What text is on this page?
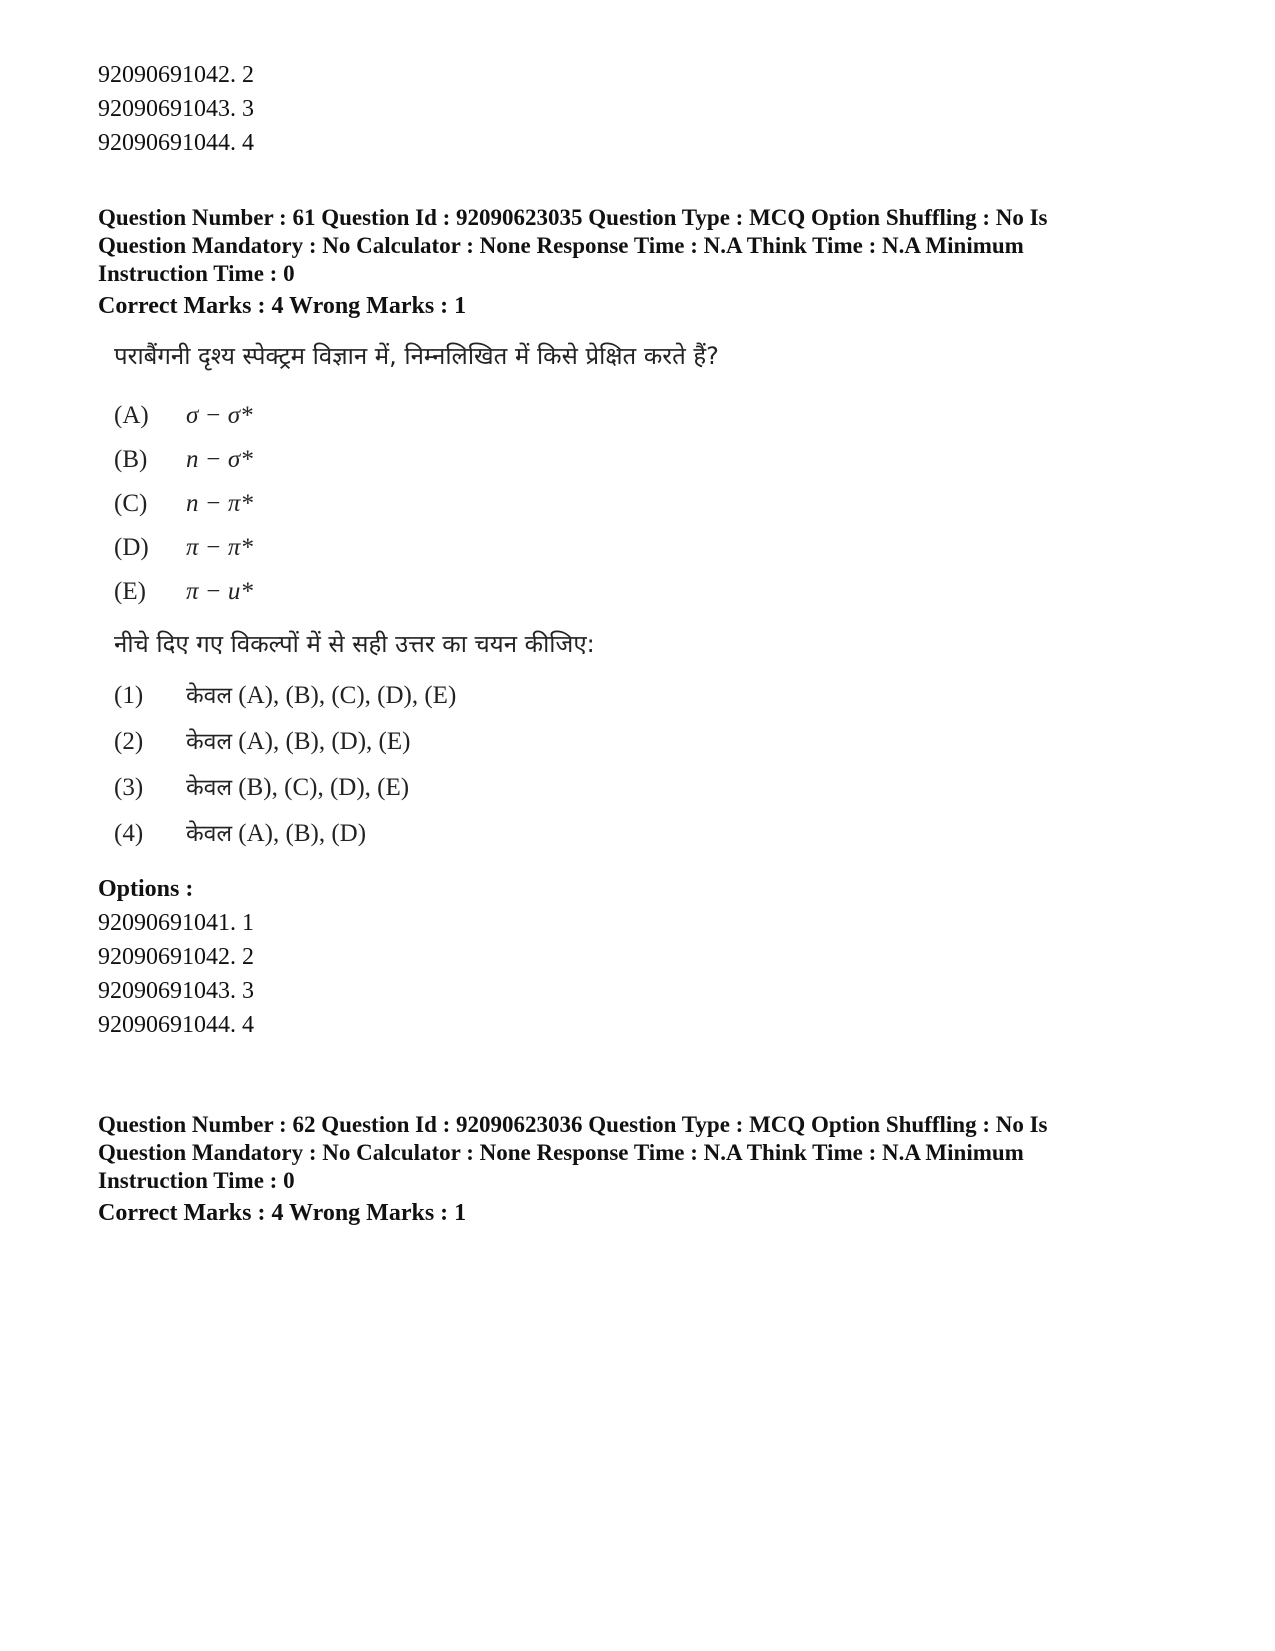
92090691042. 2
92090691043. 3
92090691044. 4
Question Number : 61 Question Id : 92090623035 Question Type : MCQ Option Shuffling : No Is
Question Mandatory : No Calculator : None Response Time : N.A Think Time : N.A Minimum
Instruction Time : 0
Correct Marks : 4 Wrong Marks : 1
पराबैंगनी दृश्य स्पेक्ट्रम विज्ञान में, निम्नलिखित में किसे प्रेक्षित करते हैं?
(A) σ − σ*
(B) n − σ*
(C) n − π*
(D) π − π*
(E) π − u*
नीचे दिए गए विकल्पों में से सही उत्तर का चयन कीजिए:
(1) केवल (A), (B), (C), (D), (E)
(2) केवल (A), (B), (D), (E)
(3) केवल (B), (C), (D), (E)
(4) केवल (A), (B), (D)
Options :
92090691041. 1
92090691042. 2
92090691043. 3
92090691044. 4
Question Number : 62 Question Id : 92090623036 Question Type : MCQ Option Shuffling : No Is
Question Mandatory : No Calculator : None Response Time : N.A Think Time : N.A Minimum
Instruction Time : 0
Correct Marks : 4 Wrong Marks : 1
